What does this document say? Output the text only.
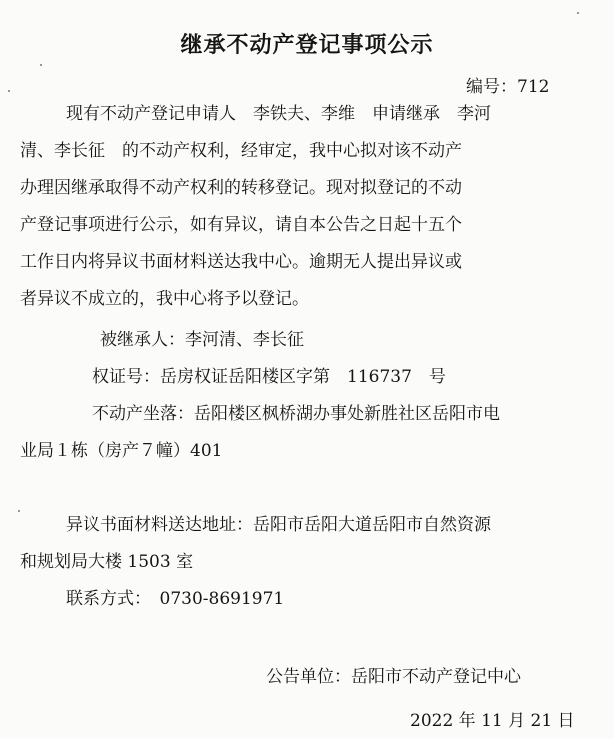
继承不动产登记事项公示
编号：712
现有不动产登记申请人　李铁夫、李维　申请继承　李河
清、李长征　的不动产权利，经审定，我中心拟对该不动产
办理因继承取得不动产权利的转移登记。现对拟登记的不动
产登记事项进行公示，如有异议，请自本公告之日起十五个
工作日内将异议书面材料送达我中心。逾期无人提出异议或
者异议不成立的，我中心将予以登记。
被继承人：李河清、李长征
权证号：岳房权证岳阳楼区字第　116737　号
不动产坐落：岳阳楼区枫桥湖办事处新胜社区岳阳市电
业局１栋（房产７幢）401
异议书面材料送达地址：岳阳市岳阳大道岳阳市自然资源
和规划局大楼 1503 室
联系方式：　0730-8691971
公告单位：岳阳市不动产登记中心
2022 年 11 月 21 日
